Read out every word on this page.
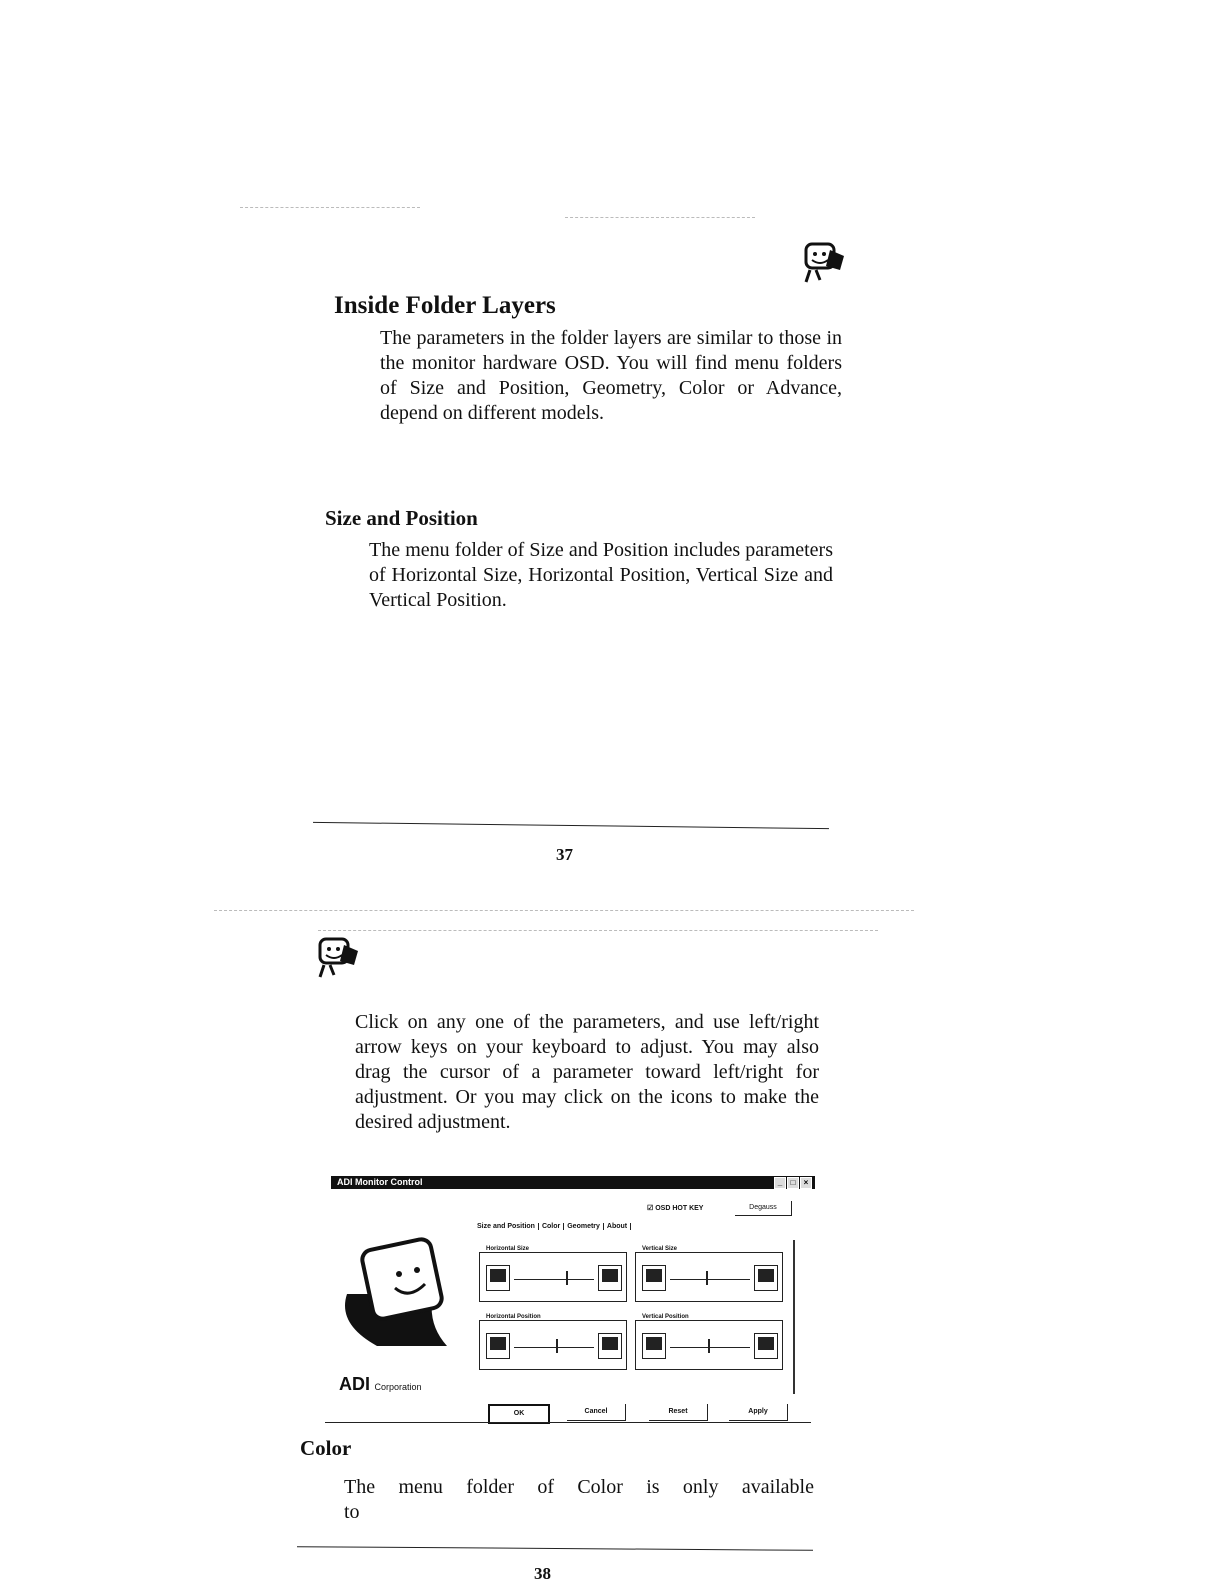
Inside Folder Layers

The parameters in the folder layers are similar to those in the monitor hardware OSD. You will find menu folders of Size and Position, Geometry, Color or Advance, depend on different models.

Size and Position

The menu folder of Size and Position includes parameters of Horizontal Size, Horizontal Position, Vertical Size and Vertical Position.

37

Click on any one of the parameters, and use left/right arrow keys on your keyboard to adjust. You may also drag the cursor of a parameter toward left/right for adjustment. Or you may click on the icons to make the desired adjustment.

ADI Monitor Control	_	□	×
☑ OSD HOT KEY	Degauss
Size and Position	Color	Geometry	About
Horizontal Size	Vertical Size
Horizontal Position	Vertical Position
ADI Corporation
OK	Cancel	Reset	Apply
Color

The menu folder of Color is only available to

38
